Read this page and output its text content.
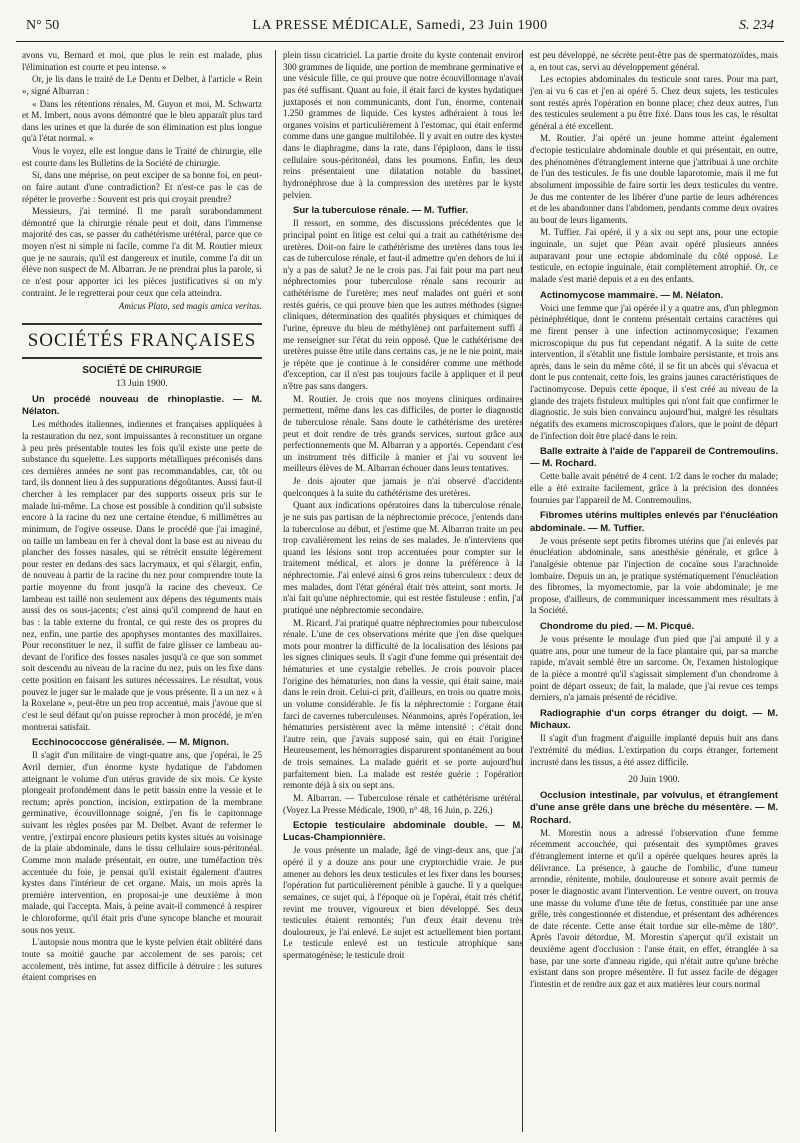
N° 50	LA PRESSE MÉDICALE, Samedi, 23 Juin 1900	S. 234

avons vu, Bernard et moi, que plus le rein est malade, plus l'élimination est courte et peu intense. »

Or, je lis dans le traité de Le Dentu et Delbet, à l'article « Rein », signé Albarran :

« Dans les rétentions rénales, M. Guyon et moi, M. Schwartz et M. Imbert, nous avons démontré que le bleu apparaît plus tard dans les urines et que la durée de son élimination est plus longue qu'à l'état normal. »

Vous le voyez, elle est longue dans le Traité de chirurgie, elle est courte dans les Bulletins de la Société de chirurgie.

Si, dans une méprise, on peut exciper de sa bonne foi, en peut-on faire autant d'une contradiction? Et n'est-ce pas le cas de répéter le proverbe : Souvent est pris qui croyait prendre?

Messieurs, j'ai terminé. Il me paraît surabondamment démontré que la chirurgie rénale peut et doit, dans l'immense majorité des cas, se passer du cathétérisme urétéral, parce que ce moyen n'est ni simple ni facile, comme l'a dit M. Routier mieux que je ne saurais, qu'il est dangereux et inutile, comme l'a dit un élève non suspect de M. Albarran. Je ne prendrai plus la parole, si ce n'est pour apporter ici les pièces justificatives si on m'y contraint. Je le regretterai pour ceux que cela atteindra.

Amicus Plato, sed magis amica veritas.

SOCIÉTÉS FRANÇAISES
SOCIÉTÉ DE CHIRURGIE
13 Juin 1900.
Un procédé nouveau de rhinoplastie. — M. Nélaton.

Les méthodes italiennes, indiennes et françaises appliquées à la restauration du nez, sont impuissantes à reconstituer un organe à peu près présentable toutes les fois qu'il existe une perte de substance du squelette. Les supports métalliques préconisés dans ces dernières années ne sont pas recommandables, car, tôt ou tard, ils donnent lieu à des suppurations dégoûtantes. Aussi faut-il chercher à les remplacer par des supports osseux pris sur le malade lui-même. La chose est possible à condition qu'il subsiste encore à la racine du nez une certaine étendue, 6 millimètres au minimum, de l'ogive osseuse. Dans le procédé que j'ai imaginé, on taille un lambeau en fer à cheval dont la base est au niveau du plancher des fosses nasales, qui se rétrécit ensuite légèrement pour rester en dedans des sacs lacrymaux, et qui s'élargit, enfin, de nouveau à partir de la racine du nez pour comprendre toute la partie moyenne du front jusqu'à la racine des cheveux. Ce lambeau est taillé non seulement aux dépens des téguments mais aussi des os sous-jacents; c'est ainsi qu'il comprend de haut en bas : la table externe du frontal, ce qui reste des os propres du nez, enfin, une partie des apophyses montantes des maxillaires. Pour reconstituer le nez, il suffit de faire glisser ce lambeau au-devant de l'orifice des fosses nasales jusqu'à ce que son sommet soit descendu au niveau de la racine du nez, puis on les fixe dans cette position en faisant les sutures nécessaires. Le résultat, vous pouvez le juger sur le malade que je vous présente. Il a un nez « à la Roxelane », peut-être un peu trop accentué, mais j'avoue que si c'est le seul défaut qu'on puisse reprocher à mon procédé, je m'en montrerai satisfait.

Ecchinococcose généralisée. — M. Mignon.

Il s'agit d'un militaire de vingt-quatre ans, que j'opérai, le 25 Avril dernier, d'un énorme kyste hydatique de l'abdomen atteignant le volume d'un utérus gravide de six mois. Ce kyste plongeait profondément dans le petit bassin entre la vessie et le rectum; après ponction, incision, extirpation de la membrane germinative, écouvillonnage soigné, j'en fis le capitonnage suivant les règles posées par M. Delbet. Avant de refermer le ventre, j'extirpai encore plusieurs petits kystes situés au voisinage de la plaie abdominale, dans le tissu cellulaire sous-péritonéal. Comme mon malade présentait, en outre, une tuméfaction très accentuée du foie, je pensai qu'il existait également d'autres kystes dans l'intérieur de cet organe. Mais, un mois après la première intervention, en proposai-je une deuxième à mon malade, qui l'accepta. Mais, à peine avait-il commencé à respirer le chloroforme, qu'il était pris d'une syncope blanche et mourait sous nos yeux.

L'autopsie nous montra que le kyste pelvien était oblitéré dans toute sa moitié gauche par accolement de ses parois; cet accolement, très intime, fut assez difficile à détruire : les sutures étaient comprises en

plein tissu cicatriciel. La partie droite du kyste contenait environ 300 grammes de liquide, une portion de membrane germinative et une vésicule fille, ce qui prouve que notre écouvillonnage n'avait pas été suffisant. Quant au foie, il était farci de kystes hydatiques juxtaposés et non communicants, dont l'un, énorme, contenait 1.250 grammes de liquide. Ces kystes adhéraient à tous les organes voisins et particulièrement à l'estomac, qui était enfermé comme dans une gangue multilobée. Il y avait en outre des kystes dans le diaphragme, dans la rate, dans l'épiploon, dans le tissu cellulaire sous-péritonéal, dans les poumons. Enfin, les deux reins présentaient une dilatation notable du bassinet, hydronéphrose due à la compression des uretères par le kyste pelvien.

Sur la tuberculose rénale. — M. Tuffier.

Il ressort, en somme, des discussions précédentes que le principal point en litige est celui qui a trait au cathétérisme des uretères. Doit-on faire le cathétérisme des uretères dans tous les cas de tuberculose rénale, et faut-il admettre qu'en dehors de lui il n'y a pas de salut? Je ne le crois pas. J'ai fait pour ma part neuf néphrectomies pour tuberculose rénale sans recourir au cathétérisme de l'uretère; mes neuf malades ont guéri et sont restés guéris, ce qui prouve bien que les autres méthodes (signes cliniques, détermination des qualités physiques et chimiques de l'urine, épreuve du bleu de méthylène) ont parfaitement suffi à me renseigner sur l'état du rein opposé. Que le cathétérisme des uretères puisse être utile dans certains cas, je ne le nie point, mais je répète que je continue à le considérer comme une méthode d'exception, car il n'est pas toujours facile à appliquer et il peut n'être pas sans dangers.

M. Routier. Je crois que nos moyens cliniques ordinaires permettent, même dans les cas difficiles, de porter le diagnostic de tuberculose rénale. Sans doute le cathétérisme des uretères peut et doit rendre de très grands services, surtout grâce aux perfectionnements que M. Albarran y a apportés. Cependant c'est un instrument très difficile à manier et j'ai vu souvent les meilleurs élèves de M. Albarran échouer dans leurs tentatives.

Je dois ajouter que jamais je n'ai observé d'accidents quelconques à la suite du cathétérisme des uretères.

Quant aux indications opératoires dans la tuberculose rénale, je ne suis pas partisan de la néphrectomie précoce, j'entends dans la tuberculose au début, et j'estime que M. Albarran traite un peu trop cavalièrement les reins de ses malades. Je n'interviens que quand les lésions sont trop accentuées pour compter sur le traitement médical, et alors je donne la préférence à la néphrectomie. J'ai enlevé ainsi 6 gros reins tuberculeux : deux de mes malades, dont l'état général était très atteint, sont morts. Je n'ai fait qu'une néphrectomie, qui est restée fistuleuse : enfin, j'ai pratiqué une néphrectomie secondaire.

M. Ricard. J'ai pratiqué quatre néphrectomies pour tuberculose rénale. L'une de ces observations mérite que j'en dise quelques mots pour montrer la difficulté de la localisation des lésions par les signes cliniques seuls. Il s'agit d'une femme qui présentait des hématuries et une cystalgie rebelles. Je crois pouvoir placer l'origine des hématuries, non dans la vessie, qui était saine, mais dans le rein droit. Celui-ci prit, d'ailleurs, en trois ou quatre mois, un volume considérable. Je fis la néphrectomie : l'organe était farci de cavernes tuberculeuses. Néanmoins, après l'opération, les hématuries persistèrent avec la même intensité : c'était donc l'autre rein, que j'avais supposé sain, qui en était l'origine! Heureusement, les hémorragies disparurent spontanément au bout de trois semaines. La malade guérit et se porte aujourd'hui parfaitement bien. La malade est restée guérie : l'opération remonte déjà à six ou sept ans.

M. Albarran. — Tuberculose rénale et cathétérisme urétéral. (Voyez La Presse Médicale, 1900, n° 48, 16 Juin, p. 226.)

Ectopie testiculaire abdominale double. — M. Lucas-Championnière.

Je vous présente un malade, âgé de vingt-deux ans, que j'ai opéré il y a douze ans pour une cryptorchidie vraie. Je pus amener au dehors les deux testicules et les fixer dans les bourses; l'opération fut particulièrement pénible à gauche. Il y a quelques semaines, ce sujet qui, à l'époque où je l'opérai, était très chétif, revint me trouver, vigoureux et bien développé. Ses deux testicules étaient remontés; l'un d'eux était devenu très douloureux, je l'ai enlevé. Le sujet est actuellement bien portant. Le testicule enlevé est un testicule atrophique sans spermatogénèse; le testicule droit

est peu développé, ne sécrète peut-être pas de spermatozoïdes, mais a, en tout cas, servi au développement général.

Les ectopies abdominales du testicule sont rares. Pour ma part, j'en ai vu 6 cas et j'en ai opéré 5. Chez deux sujets, les testicules sont restés après l'opération en bonne place; chez deux autres, l'un des testicules seulement a pu être fixé. Dans tous les cas, le résultat général a été excellent.

M. Routier. J'ai opéré un jeune homme atteint également d'ectopie testiculaire abdominale double et qui présentait, en outre, des phénomènes d'étranglement interne que j'attribuai à une orchite de l'un des testicules. Je fis une double laparotomie, mais il me fut absolument impossible de faire sortir les deux testicules du ventre. Je dus me contenter de les libérer d'une partie de leurs adhérences et de les abandonner dans l'abdomen, pendants comme deux ovaires au bout de leurs ligaments.

M. Tuffier. J'ai opéré, il y a six ou sept ans, pour une ectopie inguinale, un sujet que Péan avait opéré plusieurs années auparavant pour une ectopie abdominale du côté opposé. Le testicule, en ectopie inguinale, était complètement atrophié. Or, ce malade s'est marié depuis et a eu des enfants.

Actinomycose mammaire. — M. Nélaton.

Voici une femme que j'ai opérée il y a quatre ans, d'un phlegmon périnéphrétique, dont le contenu présentait certains caractères qui me firent penser à une infection actinomycosique; l'examen microscopique du pus fut cependant négatif. A la suite de cette intervention, il s'établit une fistule lombaire persistante, et trois ans après, dans le sein du même côté, il se fit un abcès qui s'évacua et dont le pus contenait, cette fois, les grains jaunes caractéristiques de l'actinomycose. Depuis cette époque, il s'est créé au niveau de la glande des trajets fistuleux multiples qui n'ont fait que confirmer le diagnostic. Je suis bien convaincu aujourd'hui, malgré les résultats négatifs des examens microscopiques d'alors, que le point de départ de l'infection doit être placé dans le rein.

Balle extraite à l'aide de l'appareil de Contremoulins. — M. Rochard.

Cette balle avait pénétré de 4 cent. 1/2 dans le rocher du malade; elle a été extraite facilement, grâce à la précision des données fournies par l'appareil de M. Contremoulins.

Fibromes utérins multiples enlevés par l'énucléation abdominale. — M. Tuffier.

Je vous présente sept petits fibromes utérins que j'ai enlevés par énucléation abdominale, sans anesthésie générale, et grâce à l'analgésie obtenue par l'injection de cocaïne sous l'arachnoïde lombaire. Depuis un an, je pratique systématiquement l'énucléation des fibromes, la myomectomie, par la voie abdominale; je me propose, d'ailleurs, de communiquer incessamment mes résultats à la Société.

Chondrome du pied. — M. Picqué.

Je vous présente le moulage d'un pied que j'ai amputé il y a quatre ans, pour une tumeur de la face plantaire qui, par sa marche rapide, m'avait semblé être un sarcome. Or, l'examen histologique de la pièce a montré qu'il s'agissait simplement d'un chondrome à point de départ osseux; de fait, la malade, que j'ai revue ces temps derniers, n'a jamais présenté de récidive.

Radiographie d'un corps étranger du doigt. — M. Michaux.

Il s'agit d'un fragment d'aiguille implanté depuis huit ans dans l'extrémité du médius. L'extirpation du corps étranger, fortement incrusté dans les tissus, a été assez difficile.

20 Juin 1900.
Occlusion intestinale, par volvulus, et étranglement d'une anse grêle dans une brèche du mésentère. — M. Rochard.

M. Morestin nous a adressé l'observation d'une femme récemment accouchée, qui présentait des symptômes graves d'étranglement interne et qu'il a opérée quelques heures après la délivrance. La présence, à gauche de l'ombilic, d'une tumeur arrondie, rénitente, mobile, douloureuse et sonore avait permis de poser le diagnostic avant l'intervention. Le ventre ouvert, on trouva une masse du volume d'une tête de fœtus, constituée par une anse grêle, très congestionnée et distendue, et présentant des adhérences de date récente. Cette anse était tordue sur elle-même de 180°. Après l'avoir détordue, M. Morestin s'aperçut qu'il existait un deuxième agent d'occlusion : l'anse était, en effet, étranglée à sa base, par une sorte d'anneau rigide, qui n'était autre qu'une brèche existant dans son propre mésentère. Il fut assez facile de dégager l'intestin et de rendre aux gaz et aux matières leur cours normal
